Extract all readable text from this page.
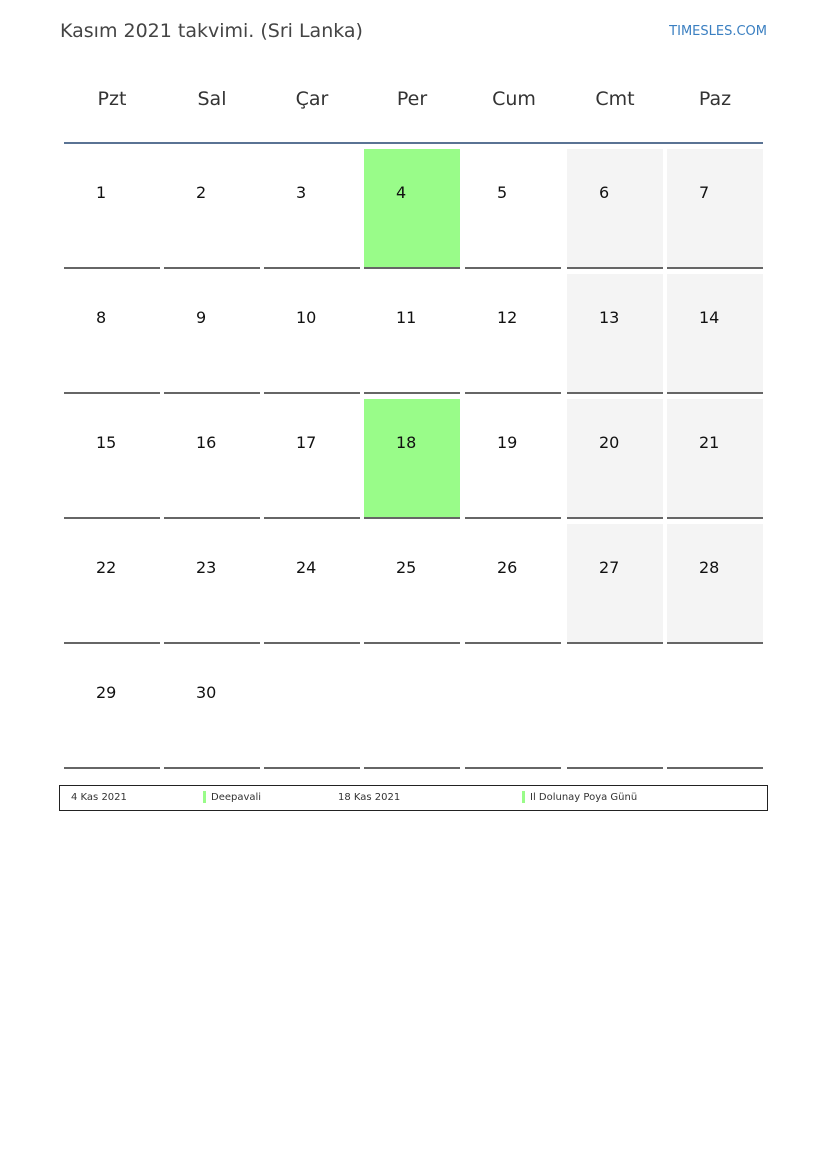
Kasım 2021 takvimi. (Sri Lanka)	TIMESLES.COM
Pzt	Sal	Çar	Per	Cum	Cmt	Paz
1	2	3	4	5	6	7
8	9	10	11	12	13	14
15	16	17	18	19	20	21
22	23	24	25	26	27	28
29	30
4 Kas 2021	Deepavali	18 Kas 2021	Il Dolunay Poya Günü
